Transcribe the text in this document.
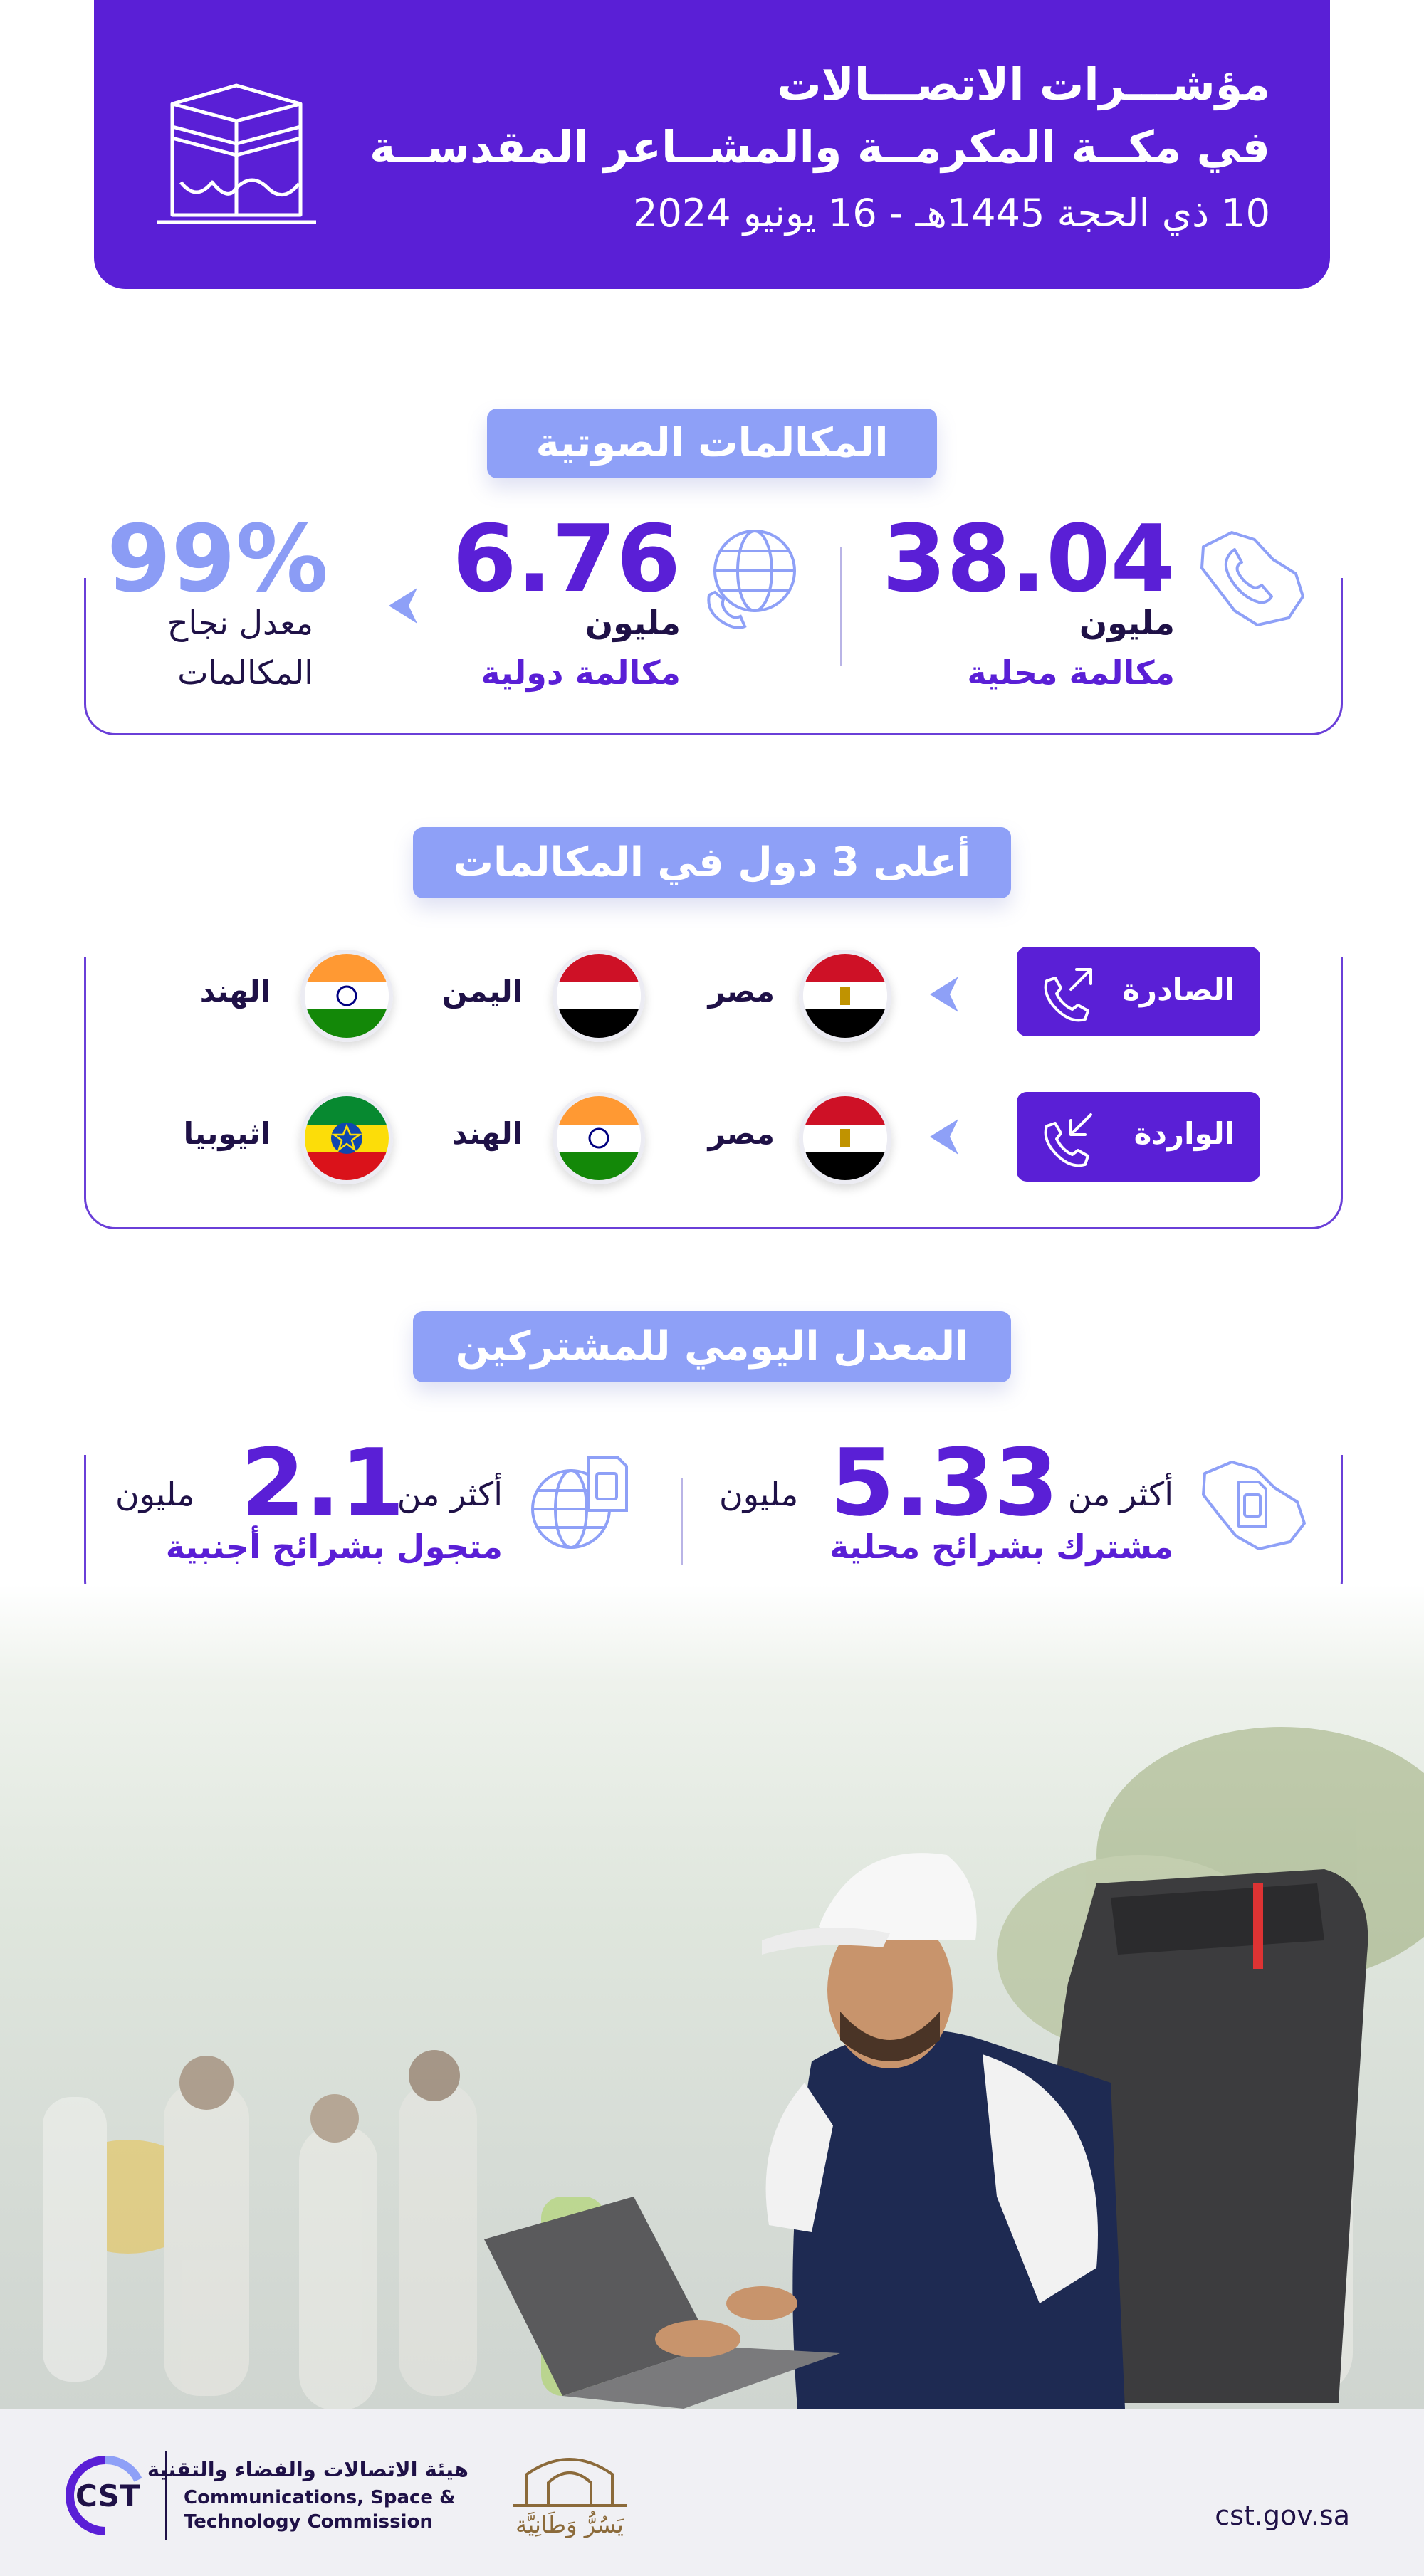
مؤشـــرات الاتصـــالات
في مكــة المكرمــة والمشــاعر المقدســة
10 ذي الحجة 1445هـ - 16 يونيو 2024
المكالمات الصوتية
38.04
مليون
مكالمة محلية
6.76
مليون
مكالمة دولية
99%
معدل نجاح
المكالمات
أعلى 3 دول في المكالمات
الصادرة
مصر
اليمن
الهند
الواردة
مصر
الهند
اثيوبيا
المعدل اليومي للمشتركين
أكثر من
5.33
مليون
مشترك بشرائح محلية
أكثر من
2.1
مليون
متجول بشرائح أجنبية
CST
هيئة الاتصالات والفضاء والتقنية
Communications, Space &
Technology Commission	يَسُرُّ وَطَانِيَّة	cst.gov.sa
